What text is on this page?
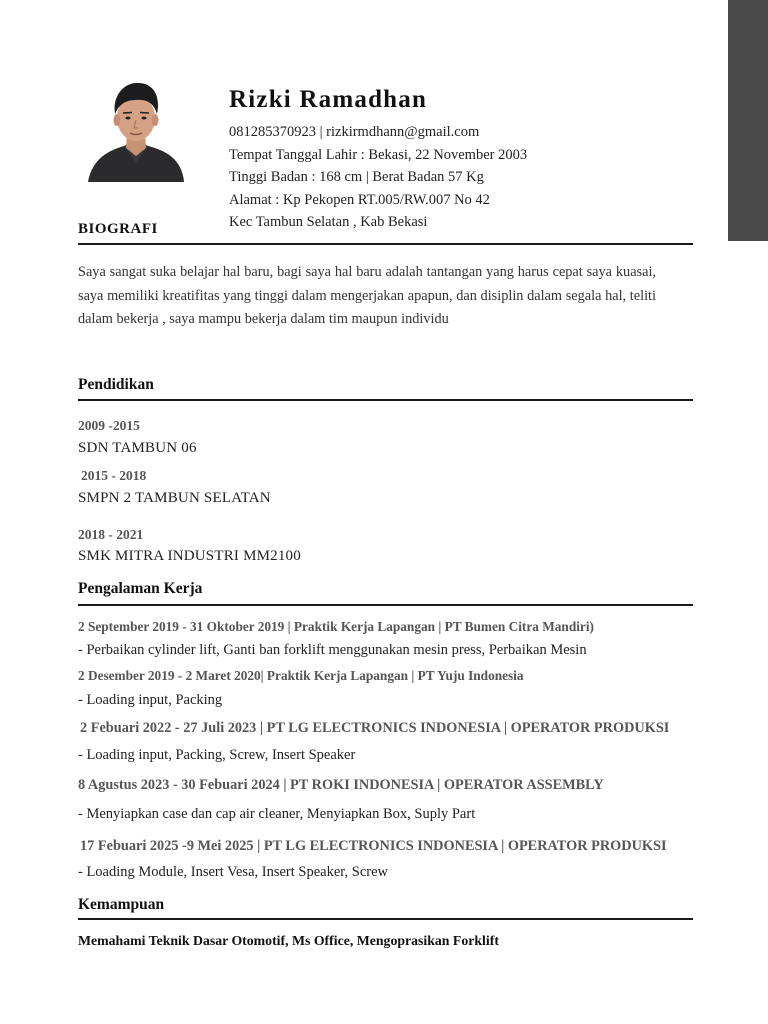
Rizki Ramadhan
081285370923 | rizkirmdhann@gmail.com
Tempat Tanggal Lahir : Bekasi, 22 November 2003
Tinggi Badan : 168 cm | Berat Badan 57 Kg
Alamat : Kp Pekopen RT.005/RW.007 No 42
Kec Tambun Selatan , Kab Bekasi
BIOGRAFI

Saya sangat suka belajar hal baru, bagi saya hal baru adalah tantangan yang harus cepat saya kuasai, saya memiliki kreatifitas yang tinggi dalam mengerjakan apapun, dan disiplin dalam segala hal, teliti dalam bekerja , saya mampu bekerja dalam tim maupun individu

Pendidikan
2009 -2015
SDN TAMBUN 06
2015 - 2018
SMPN 2 TAMBUN SELATAN
2018 - 2021
SMK MITRA INDUSTRI MM2100
Pengalaman Kerja
2 September 2019 - 31 Oktober 2019 | Praktik Kerja Lapangan | PT Bumen Citra Mandiri)
- Perbaikan cylinder lift, Ganti ban forklift menggunakan mesin press, Perbaikan Mesin
2 Desember 2019 - 2 Maret 2020| Praktik Kerja Lapangan | PT Yuju Indonesia
- Loading input, Packing
2 Febuari 2022 - 27 Juli 2023 | PT LG ELECTRONICS INDONESIA | OPERATOR PRODUKSI
- Loading input, Packing, Screw, Insert Speaker
8 Agustus 2023 - 30 Febuari 2024 | PT ROKI INDONESIA | OPERATOR ASSEMBLY
- Menyiapkan case dan cap air cleaner, Menyiapkan Box, Suply Part
17 Febuari 2025 -9 Mei 2025 | PT LG ELECTRONICS INDONESIA | OPERATOR PRODUKSI
- Loading Module, Insert Vesa, Insert Speaker, Screw
Kemampuan
Memahami Teknik Dasar Otomotif, Ms Office, Mengoprasikan Forklift
